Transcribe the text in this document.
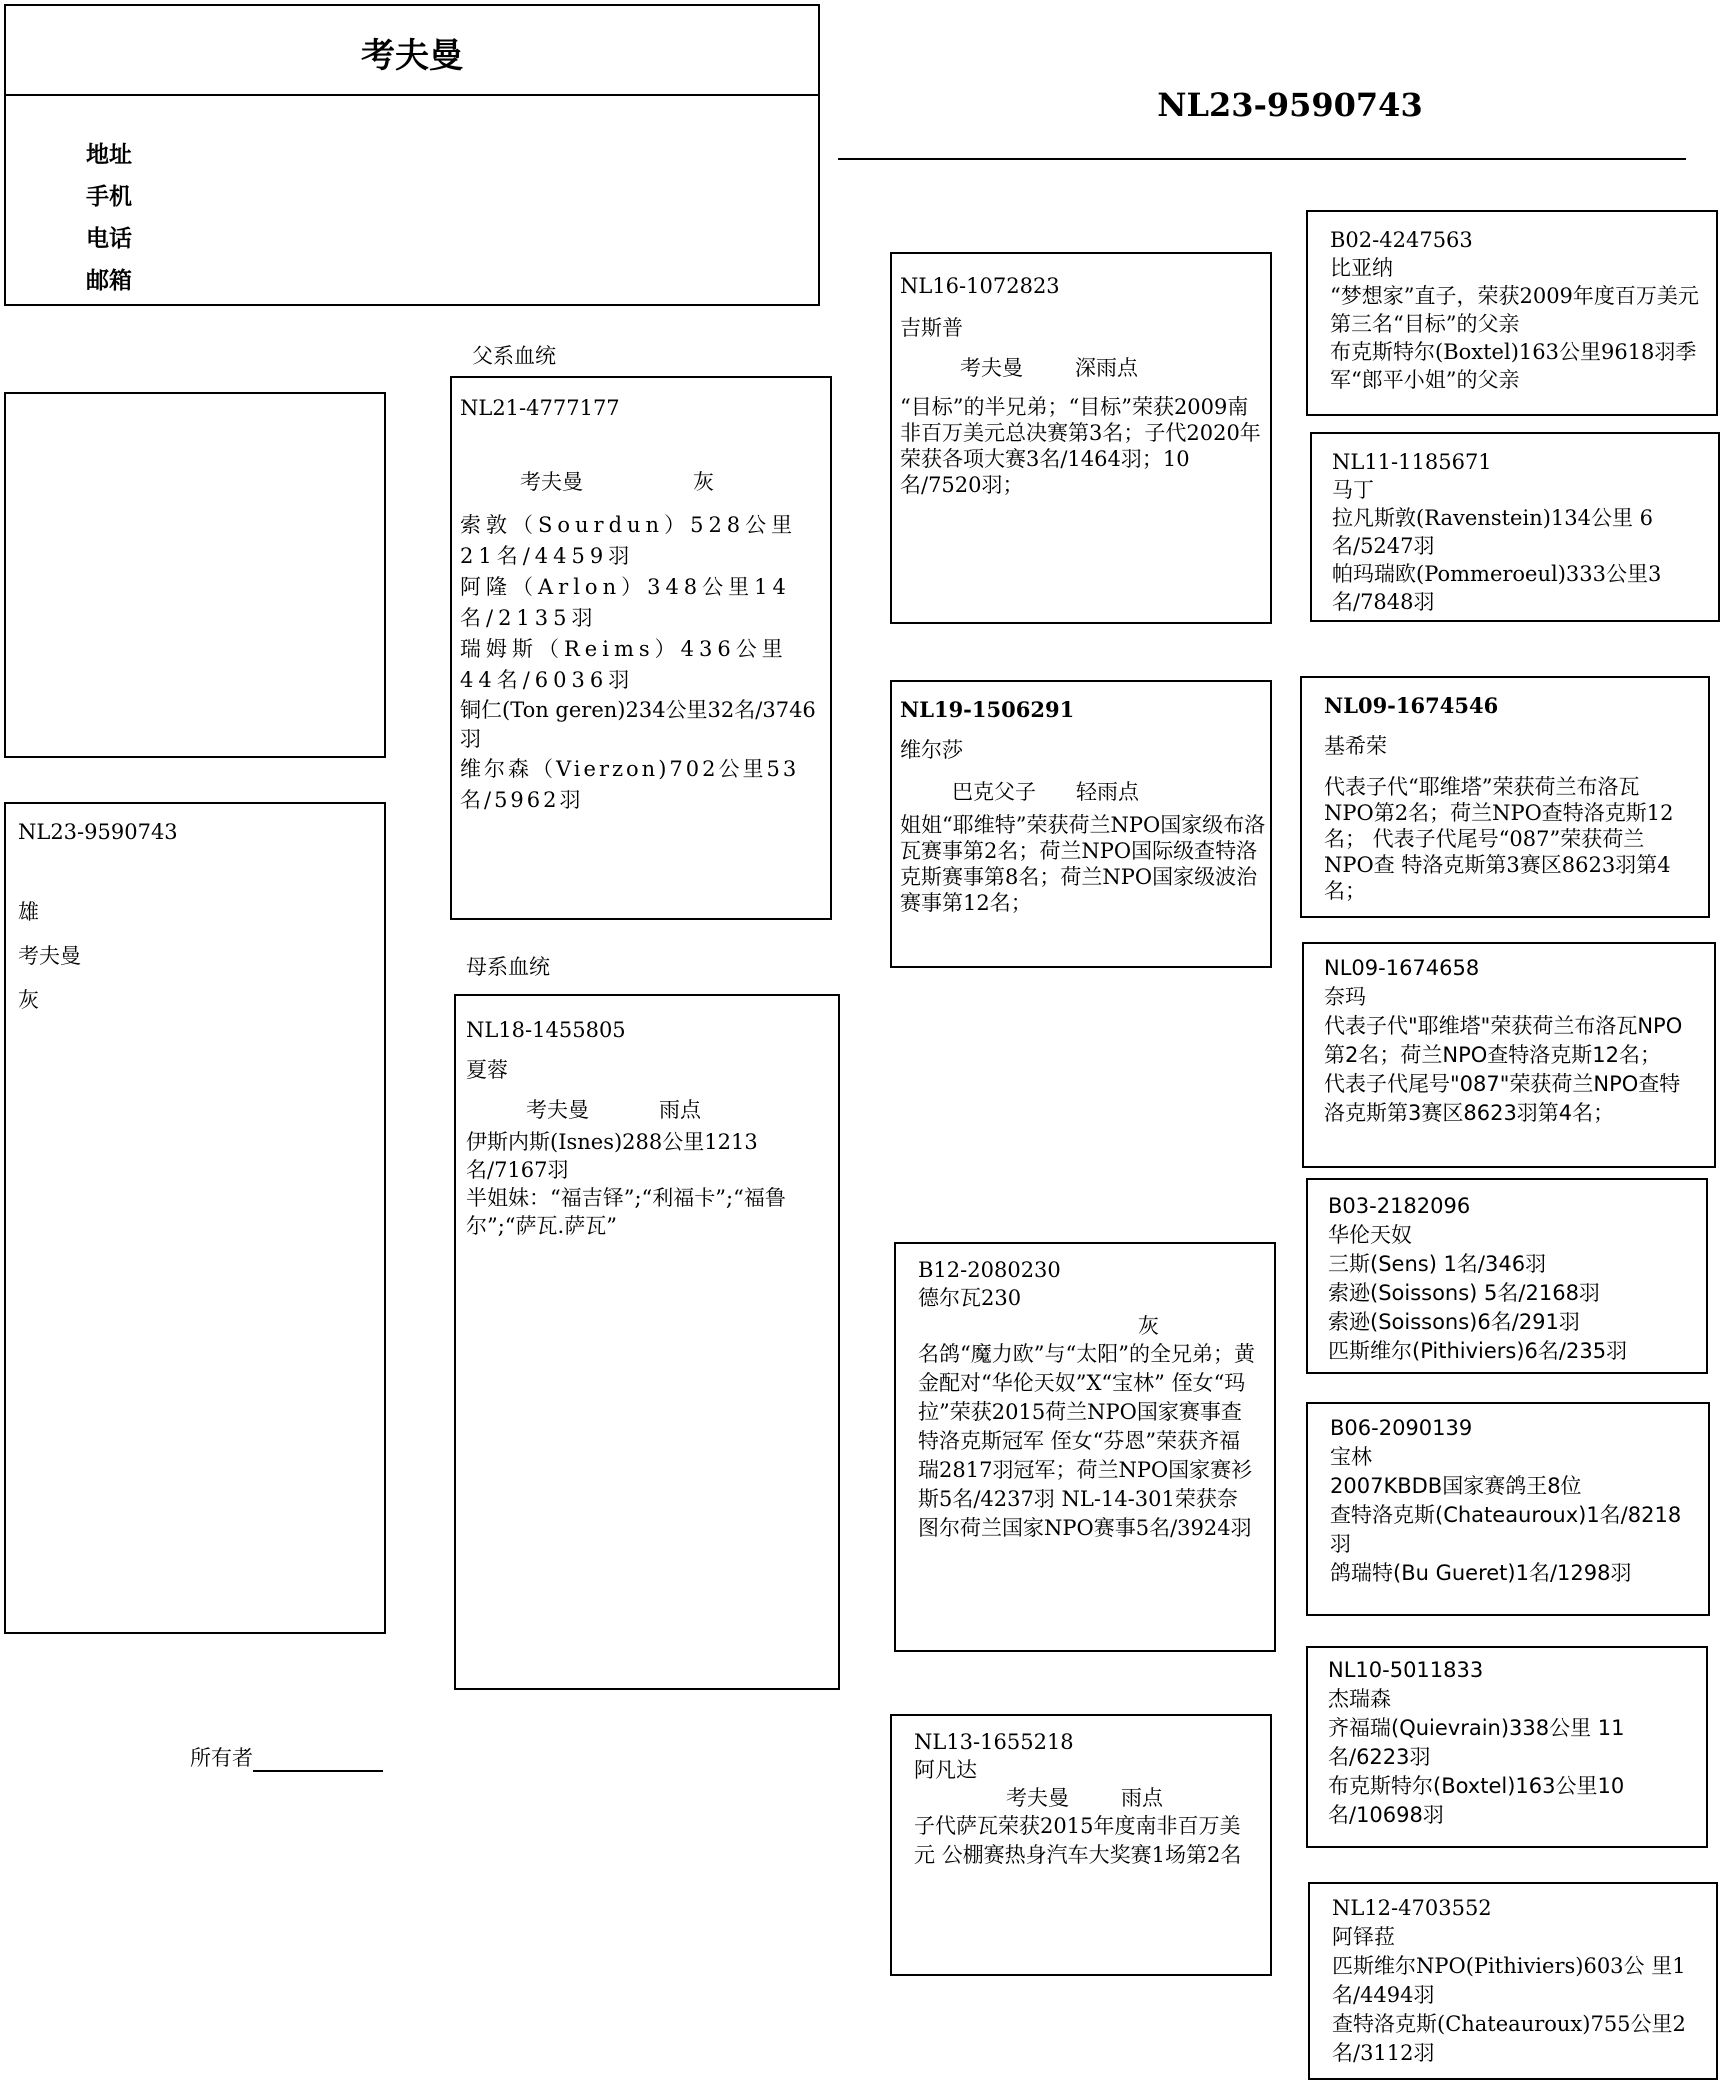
考夫曼
地址
手机
电话
邮箱
NL23-9590743
NL23-9590743
雄
考夫曼
灰
父系血统
母系血统
NL21-4777177
考夫曼	灰
索敦（Sourdun）528公里21名/4459羽
阿隆（Arlon）348公里14名/2135羽
瑞姆斯（Reims）436公里44名/6036羽
铜仁(Ton geren)234公里32名/3746羽
维尔森（Vierzon)702公里53名/5962羽
NL18-1455805
夏蓉
考夫曼	雨点
伊斯内斯(Isnes)288公里1213名/7167羽
半姐妹：“福吉铎”;“利福卡”;“福鲁尔”;“萨瓦.萨瓦”
所有者
NL16-1072823
吉斯普
考夫曼 深雨点
“目标”的半兄弟；“目标”荣获2009南非百万美元总决赛第3名；子代2020年荣获各项大赛3名/1464羽；10名/7520羽；
NL19-1506291
维尔莎
巴克父子 轻雨点
姐姐“耶维特”荣获荷兰NPO国家级布洛瓦赛事第2名；荷兰NPO国际级查特洛克斯赛事第8名；荷兰NPO国家级波治赛事第12名；
B12-2080230
德尔瓦230
灰
名鸽“魔力欧”与“太阳”的全兄弟；黄金配对“华伦天奴”X“宝林” 侄女“玛拉”荣获2015荷兰NPO国家赛事查特洛克斯冠军 侄女“芬恩”荣获齐福瑞2817羽冠军；荷兰NPO国家赛衫斯5名/4237羽 NL-14-301荣获奈图尔荷兰国家NPO赛事5名/3924羽
NL13-1655218
阿凡达
考夫曼 雨点
子代萨瓦荣获2015年度南非百万美元 公棚赛热身汽车大奖赛1场第2名
B02-4247563
比亚纳
“梦想家”直子，荣获2009年度百万美元第三名“目标”的父亲
布克斯特尔(Boxtel)163公里9618羽季军“郎平小姐”的父亲
NL11-1185671
马丁
拉凡斯敦(Ravenstein)134公里 6名/5247羽
帕玛瑞欧(Pommeroeul)333公里3 名/7848羽
NL09-1674546
基希荣
代表子代“耶维塔”荣获荷兰布洛瓦 NPO第2名；荷兰NPO查特洛克斯12名； 代表子代尾号“087”荣获荷兰NPO查 特洛克斯第3赛区8623羽第4名；
NL09-1674658
奈玛
代表子代"耶维塔"荣获荷兰布洛瓦NPO 第2名；荷兰NPO查特洛克斯12名；
代表子代尾号"087"荣获荷兰NPO查特 洛克斯第3赛区8623羽第4名；
B03-2182096
华伦天奴
三斯(Sens) 1名/346羽
索逊(Soissons) 5名/2168羽
索逊(Soissons)6名/291羽
匹斯维尔(Pithiviers)6名/235羽
B06-2090139
宝林
2007KBDB国家赛鸽王8位
查特洛克斯(Chateauroux)1名/8218羽
鸽瑞特(Bu Gueret)1名/1298羽
NL10-5011833
杰瑞森
齐福瑞(Quievrain)338公里 11名/6223羽
布克斯特尔(Boxtel)163公里10 名/10698羽
NL12-4703552
阿铎菈
匹斯维尔NPO(Pithiviers)603公 里1名/4494羽
查特洛克斯(Chateauroux)755公里2名/3112羽
